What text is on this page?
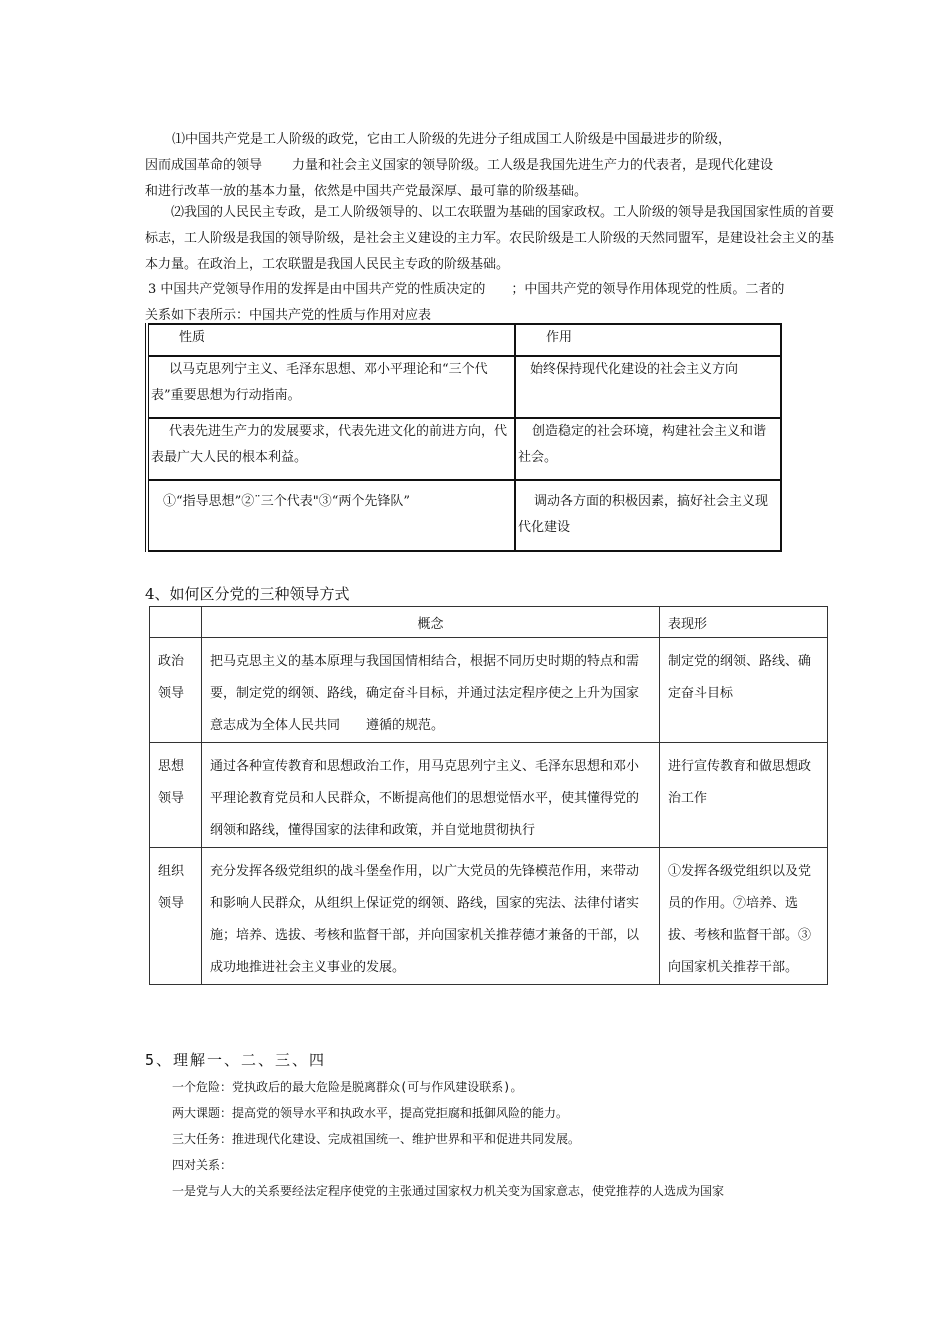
⑴中国共产党是工人阶级的政党，它由工人阶级的先进分子组成国工人阶级是中国最进步的阶级，

因而成国革命的领导 力量和社会主义国家的领导阶级。工人级是我国先进生产力的代表者，是现代化建设

和进行改革一放的基本力量，依然是中国共产党最深厚、最可靠的阶级基础。

⑵我国的人民民主专政，是工人阶级领导的、以工农联盟为基础的国家政权。工人阶级的领导是我国国家性质的首要标志，工人阶级是我国的领导阶级，是社会主义建设的主力军。农民阶级是工人阶级的天然同盟军，是建设社会主义的基本力量。在政治上，工农联盟是我国人民民主专政的阶级基础。

3 中国共产党领导作用的发挥是由中国共产党的性质决定的 ；中国共产党的领导作用体现党的性质。二者的

关系如下表所示：中国共产党的性质与作用对应表

性质	作用
以马克思列宁主义、毛泽东思想、邓小平理论和“三个代表”重要思想为行动指南。	始终保持现代化建设的社会主义方向
代表先进生产力的发展要求，代表先进文化的前进方向，代表最广大人民的根本利益。	创造稳定的社会环境，构建社会主义和谐社会。
①“指导思想”②¨三个代表"③“两个先锋队”	调动各方面的积极因素，搞好社会主义现代化建设

4、如何区分党的三种领导方式

	概念	表现形
政治领导	把马克思主义的基本原理与我国国情相结合，根据不同历史时期的特点和需要，制定党的纲领、路线，确定奋斗目标，并通过法定程序使之上升为国家意志成为全体人民共同　　遵循的规范。	制定党的纲领、路线、确定奋斗目标
思想领导	通过各种宣传教育和思想政治工作，用马克思列宁主义、毛泽东思想和邓小平理论教育党员和人民群众，不断提高他们的思想觉悟水平，使其懂得党的纲领和路线，懂得国家的法律和政策，并自觉地贯彻执行	进行宣传教育和做思想政治工作
组织领导	充分发挥各级党组织的战斗堡垒作用，以广大党员的先锋模范作用，来带动和影响人民群众，从组织上保证党的纲领、路线，国家的宪法、法律付诸实施；培养、选拔、考核和监督干部，并向国家机关推荐德才兼备的干部，以成功地推进社会主义事业的发展。	①发挥各级党组织以及党员的作用。⑦培养、选拔、考核和监督干部。③向国家机关推荐干部。

5、理解一、二、三、四

一个危险：党执政后的最大危险是脱离群众(可与作风建设联系)。

两大课题：提高党的领导水平和执政水平，提高党拒腐和抵御风险的能力。

三大任务：推进现代化建设、完成祖国统一、维护世界和平和促进共同发展。

四对关系：

一是党与人大的关系要经法定程序使党的主张通过国家权力机关变为国家意志，使党推荐的人选成为国家
